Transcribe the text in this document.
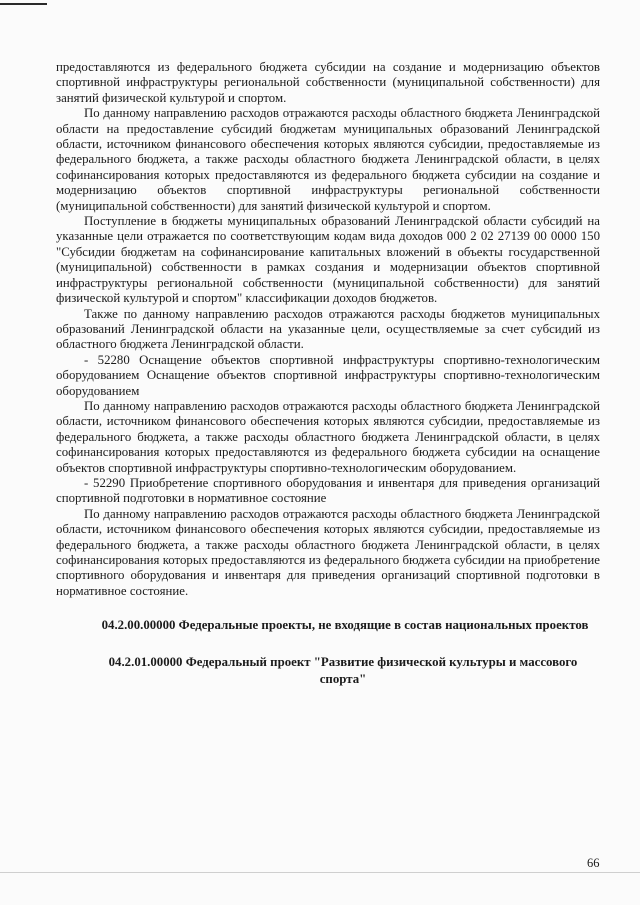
предоставляются из федерального бюджета субсидии на создание и модернизацию объектов спортивной инфраструктуры региональной собственности (муниципальной собственности) для занятий физической культурой и спортом.

По данному направлению расходов отражаются расходы областного бюджета Ленинградской области на предоставление субсидий бюджетам муниципальных образований Ленинградской области, источником финансового обеспечения которых являются субсидии, предоставляемые из федерального бюджета, а также расходы областного бюджета Ленинградской области, в целях софинансирования которых предоставляются из федерального бюджета субсидии на создание и модернизацию объектов спортивной инфраструктуры региональной собственности (муниципальной собственности) для занятий физической культурой и спортом.

Поступление в бюджеты муниципальных образований Ленинградской области субсидий на указанные цели отражается по соответствующим кодам вида доходов 000 2 02 27139 00 0000 150 "Субсидии бюджетам на софинансирование капитальных вложений в объекты государственной (муниципальной) собственности в рамках создания и модернизации объектов спортивной инфраструктуры региональной собственности (муниципальной собственности) для занятий физической культурой и спортом" классификации доходов бюджетов.

Также по данному направлению расходов отражаются расходы бюджетов муниципальных образований Ленинградской области на указанные цели, осуществляемые за счет субсидий из областного бюджета Ленинградской области.

- 52280 Оснащение объектов спортивной инфраструктуры спортивно-технологическим оборудованием Оснащение объектов спортивной инфраструктуры спортивно-технологическим оборудованием

По данному направлению расходов отражаются расходы областного бюджета Ленинградской области, источником финансового обеспечения которых являются субсидии, предоставляемые из федерального бюджета, а также расходы областного бюджета Ленинградской области, в целях софинансирования которых предоставляются из федерального бюджета субсидии на оснащение объектов спортивной инфраструктуры спортивно-технологическим оборудованием.

- 52290 Приобретение спортивного оборудования и инвентаря для приведения организаций спортивной подготовки в нормативное состояние

По данному направлению расходов отражаются расходы областного бюджета Ленинградской области, источником финансового обеспечения которых являются субсидии, предоставляемые из федерального бюджета, а также расходы областного бюджета Ленинградской области, в целях софинансирования которых предоставляются из федерального бюджета субсидии на приобретение спортивного оборудования и инвентаря для приведения организаций спортивной подготовки в нормативное состояние.

04.2.00.00000 Федеральные проекты, не входящие в состав национальных проектов

04.2.01.00000 Федеральный проект "Развитие физической культуры и массового спорта"

66
